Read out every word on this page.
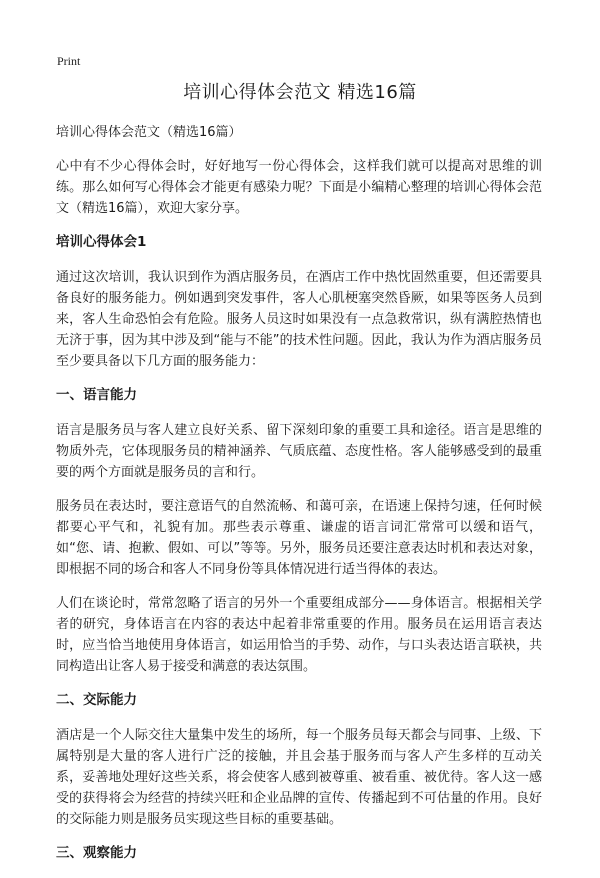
Print

培训心得体会范文 精选16篇

培训心得体会范文（精选16篇）

心中有不少心得体会时，好好地写一份心得体会，这样我们就可以提高对思维的训练。那么如何写心得体会才能更有感染力呢？下面是小编精心整理的培训心得体会范文（精选16篇），欢迎大家分享。

培训心得体会1

通过这次培训，我认识到作为酒店服务员，在酒店工作中热忱固然重要，但还需要具备良好的服务能力。例如遇到突发事件，客人心肌梗塞突然昏厥，如果等医务人员到来，客人生命恐怕会有危险。服务人员这时如果没有一点急救常识，纵有满腔热情也无济于事，因为其中涉及到“能与不能”的技术性问题。因此，我认为作为酒店服务员至少要具备以下几方面的服务能力：

一、语言能力

语言是服务员与客人建立良好关系、留下深刻印象的重要工具和途径。语言是思维的物质外壳，它体现服务员的精神涵养、气质底蕴、态度性格。客人能够感受到的最重要的两个方面就是服务员的言和行。

服务员在表达时，要注意语气的自然流畅、和蔼可亲，在语速上保持匀速，任何时候都要心平气和，礼貌有加。那些表示尊重、谦虚的语言词汇常常可以缓和语气，如“您、请、抱歉、假如、可以”等等。另外，服务员还要注意表达时机和表达对象，即根据不同的场合和客人不同身份等具体情况进行适当得体的表达。

人们在谈论时，常常忽略了语言的另外一个重要组成部分——身体语言。根据相关学者的研究，身体语言在内容的表达中起着非常重要的作用。服务员在运用语言表达时，应当恰当地使用身体语言，如运用恰当的手势、动作，与口头表达语言联袂，共同构造出让客人易于接受和满意的表达氛围。

二、交际能力

酒店是一个人际交往大量集中发生的场所，每一个服务员每天都会与同事、上级、下属特别是大量的客人进行广泛的接触，并且会基于服务而与客人产生多样的互动关系，妥善地处理好这些关系，将会使客人感到被尊重、被看重、被优待。客人这一感受的获得将会为经营的持续兴旺和企业品牌的宣传、传播起到不可估量的作用。良好的交际能力则是服务员实现这些目标的重要基础。

三、观察能力
